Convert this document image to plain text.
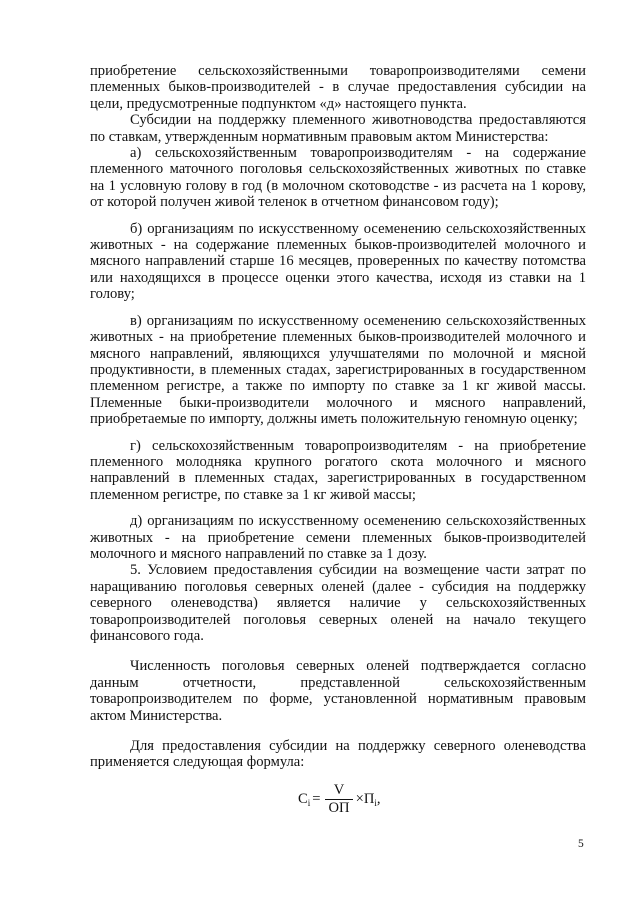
приобретение сельскохозяйственными товаропроизводителями семени племенных быков-производителей - в случае предоставления субсидии на цели, предусмотренные подпунктом «д» настоящего пункта.

Субсидии на поддержку племенного животноводства предоставляются по ставкам, утвержденным нормативным правовым актом Министерства:

а) сельскохозяйственным товаропроизводителям - на содержание племенного маточного поголовья сельскохозяйственных животных по ставке на 1 условную голову в год (в молочном скотоводстве - из расчета на 1 корову, от которой получен живой теленок в отчетном финансовом году);

б) организациям по искусственному осеменению сельскохозяйственных животных - на содержание племенных быков-производителей молочного и мясного направлений старше 16 месяцев, проверенных по качеству потомства или находящихся в процессе оценки этого качества, исходя из ставки на 1 голову;

в) организациям по искусственному осеменению сельскохозяйственных животных - на приобретение племенных быков-производителей молочного и мясного направлений, являющихся улучшателями по молочной и мясной продуктивности, в племенных стадах, зарегистрированных в государственном племенном регистре, а также по импорту по ставке за 1 кг живой массы. Племенные быки-производители молочного и мясного направлений, приобретаемые по импорту, должны иметь положительную геномную оценку;

г) сельскохозяйственным товаропроизводителям - на приобретение племенного молодняка крупного рогатого скота молочного и мясного направлений в племенных стадах, зарегистрированных в государственном племенном регистре, по ставке за 1 кг живой массы;

д) организациям по искусственному осеменению сельскохозяйственных животных - на приобретение семени племенных быков-производителей молочного и мясного направлений по ставке за 1 дозу.

5. Условием предоставления субсидии на возмещение части затрат по наращиванию поголовья северных оленей (далее - субсидия на поддержку северного оленеводства) является наличие у сельскохозяйственных товаропроизводителей поголовья северных оленей на начало текущего финансового года.

Численность поголовья северных оленей подтверждается согласно данным отчетности, представленной сельскохозяйственным товаропроизводителем по форме, установленной нормативным правовым актом Министерства.

Для предоставления субсидии на поддержку северного оленеводства применяется следующая формула:

$С_i = \frac{V}{ОП} \times П_i$ ,
5
